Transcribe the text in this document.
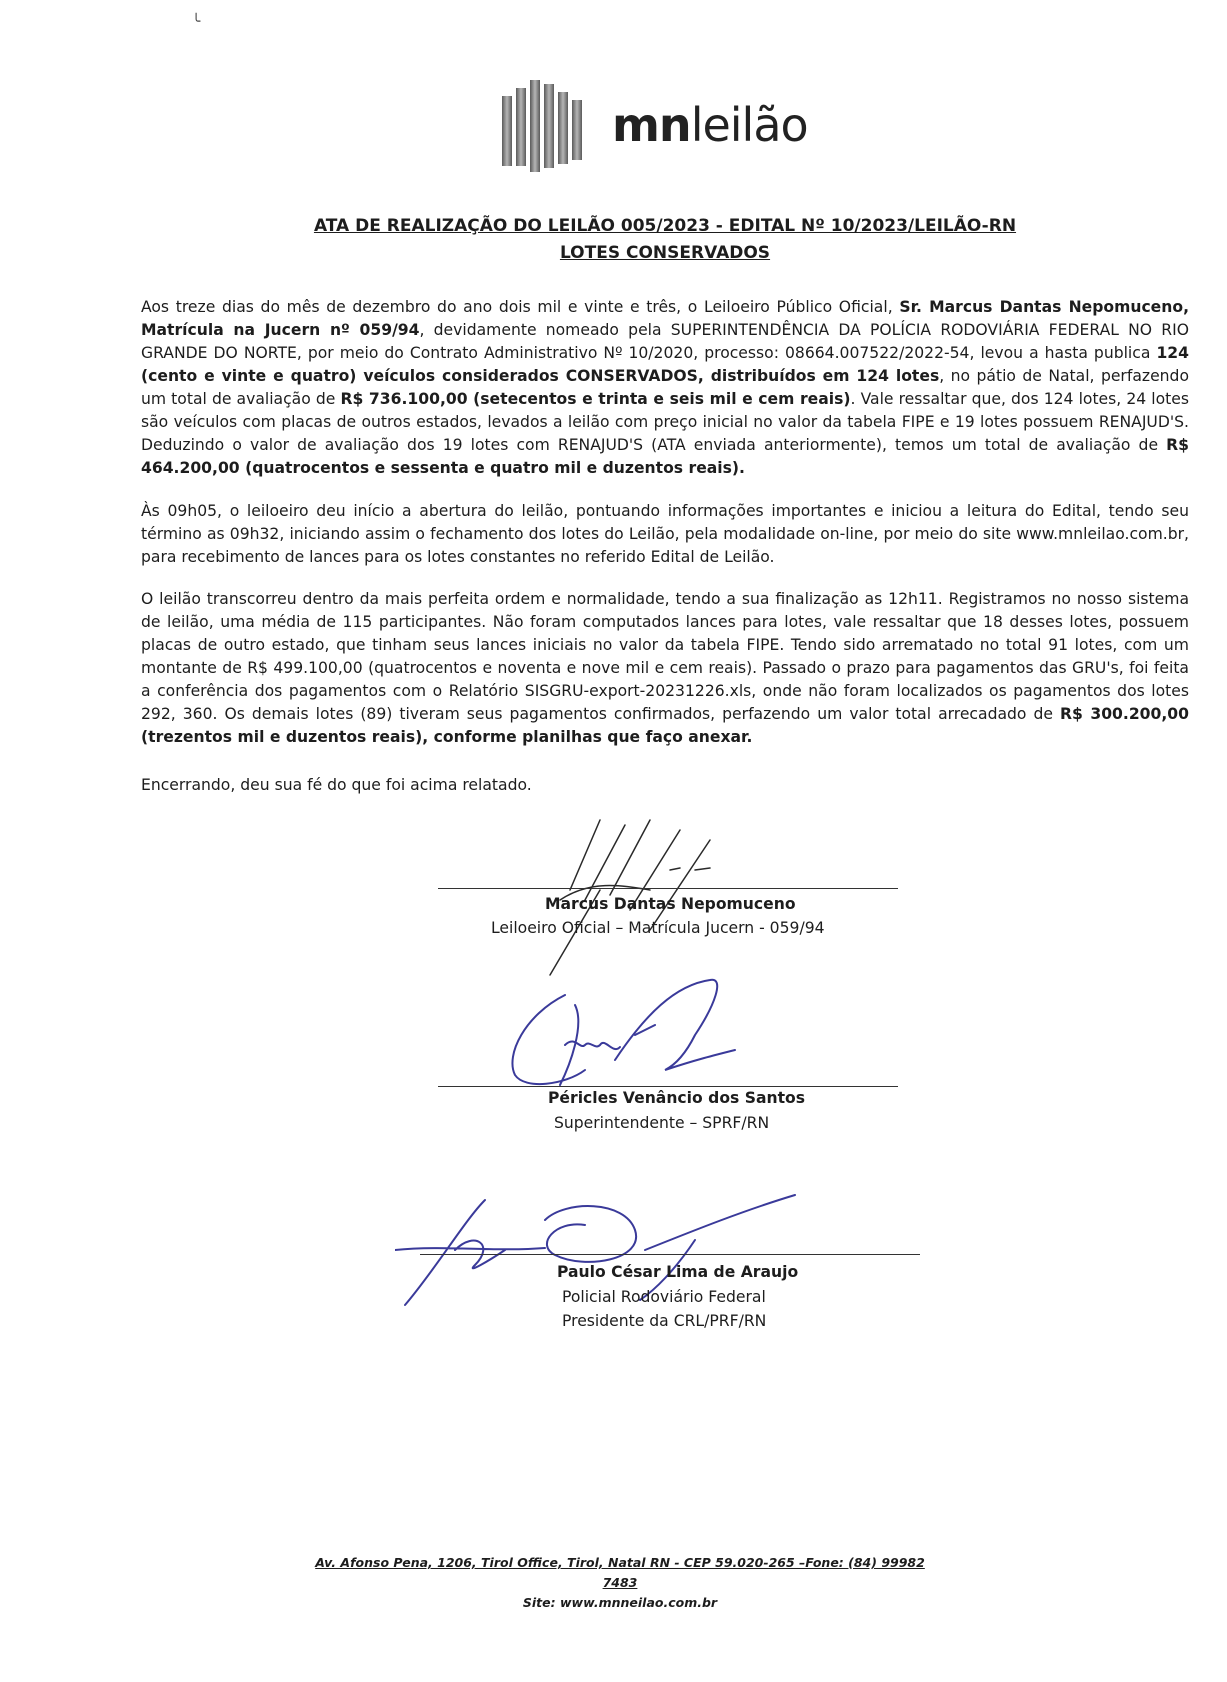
╰
mnleilão
ATA DE REALIZAÇÃO DO LEILÃO 005/2023 - EDITAL Nº 10/2023/LEILÃO-RN
LOTES CONSERVADOS
Aos treze dias do mês de dezembro do ano dois mil e vinte e três, o Leiloeiro Público Oficial, Sr. Marcus Dantas Nepomuceno, Matrícula na Jucern nº 059/94, devidamente nomeado pela SUPERINTENDÊNCIA DA POLÍCIA RODOVIÁRIA FEDERAL NO RIO GRANDE DO NORTE, por meio do Contrato Administrativo Nº 10/2020, processo: 08664.007522/2022-54, levou a hasta publica 124 (cento e vinte e quatro) veículos considerados CONSERVADOS, distribuídos em 124 lotes, no pátio de Natal, perfazendo um total de avaliação de R$ 736.100,00 (setecentos e trinta e seis mil e cem reais). Vale ressaltar que, dos 124 lotes, 24 lotes são veículos com placas de outros estados, levados a leilão com preço inicial no valor da tabela FIPE e 19 lotes possuem RENAJUD'S. Deduzindo o valor de avaliação dos 19 lotes com RENAJUD'S (ATA enviada anteriormente), temos um total de avaliação de R$ 464.200,00 (quatrocentos e sessenta e quatro mil e duzentos reais).
Às 09h05, o leiloeiro deu início a abertura do leilão, pontuando informações importantes e iniciou a leitura do Edital, tendo seu término as 09h32, iniciando assim o fechamento dos lotes do Leilão, pela modalidade on-line, por meio do site www.mnleilao.com.br, para recebimento de lances para os lotes constantes no referido Edital de Leilão.
O leilão transcorreu dentro da mais perfeita ordem e normalidade, tendo a sua finalização as 12h11. Registramos no nosso sistema de leilão, uma média de 115 participantes. Não foram computados lances para lotes, vale ressaltar que 18 desses lotes, possuem placas de outro estado, que tinham seus lances iniciais no valor da tabela FIPE. Tendo sido arrematado no total 91 lotes, com um montante de R$ 499.100,00 (quatrocentos e noventa e nove mil e cem reais). Passado o prazo para pagamentos das GRU's, foi feita a conferência dos pagamentos com o Relatório SISGRU-export-20231226.xls, onde não foram localizados os pagamentos dos lotes 292, 360. Os demais lotes (89) tiveram seus pagamentos confirmados, perfazendo um valor total arrecadado de R$ 300.200,00 (trezentos mil e duzentos reais), conforme planilhas que faço anexar.
Encerrando, deu sua fé do que foi acima relatado.
Marcus Dantas Nepomuceno
Leiloeiro Oficial – Matrícula Jucern - 059/94
Péricles Venâncio dos Santos
Superintendente – SPRF/RN
Paulo César Lima de Araujo
Policial Rodoviário Federal
Presidente da CRL/PRF/RN
Av. Afonso Pena, 1206, Tirol Office, Tirol, Natal RN - CEP 59.020-265 –Fone: (84) 99982 7483
Site: www.mnneilao.com.br
